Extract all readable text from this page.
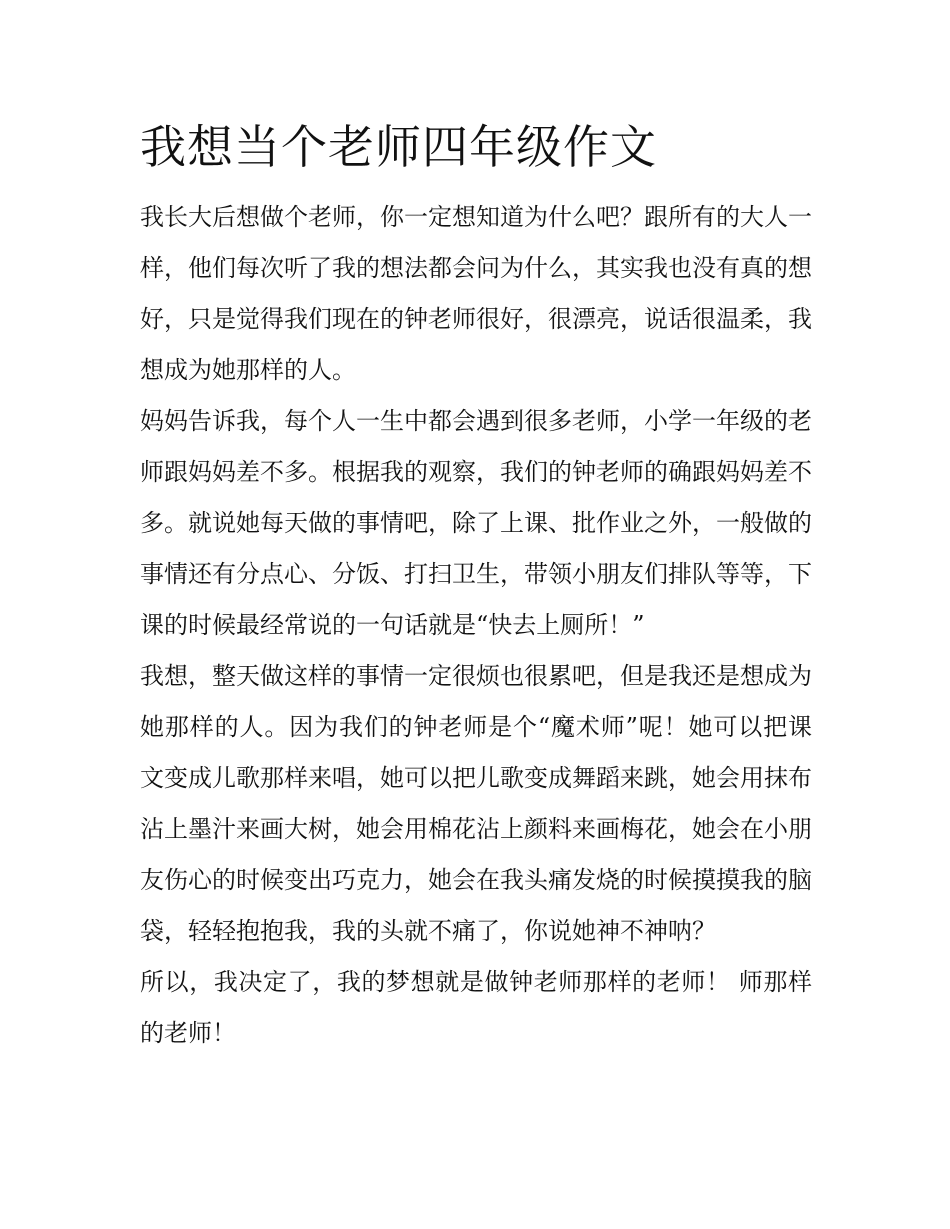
我想当个老师四年级作文

我长大后想做个老师，你一定想知道为什么吧？跟所有的大人一样，他们每次听了我的想法都会问为什么，其实我也没有真的想好，只是觉得我们现在的钟老师很好，很漂亮，说话很温柔，我想成为她那样的人。

妈妈告诉我，每个人一生中都会遇到很多老师，小学一年级的老师跟妈妈差不多。根据我的观察，我们的钟老师的确跟妈妈差不多。就说她每天做的事情吧，除了上课、批作业之外，一般做的事情还有分点心、分饭、打扫卫生，带领小朋友们排队等等，下课的时候最经常说的一句话就是“快去上厕所！”

我想，整天做这样的事情一定很烦也很累吧，但是我还是想成为她那样的人。因为我们的钟老师是个“魔术师”呢！她可以把课文变成儿歌那样来唱，她可以把儿歌变成舞蹈来跳，她会用抹布沾上墨汁来画大树，她会用棉花沾上颜料来画梅花，她会在小朋友伤心的时候变出巧克力，她会在我头痛发烧的时候摸摸我的脑袋，轻轻抱抱我，我的头就不痛了，你说她神不神呐？

所以，我决定了，我的梦想就是做钟老师那样的老师！ 师那样的老师！
